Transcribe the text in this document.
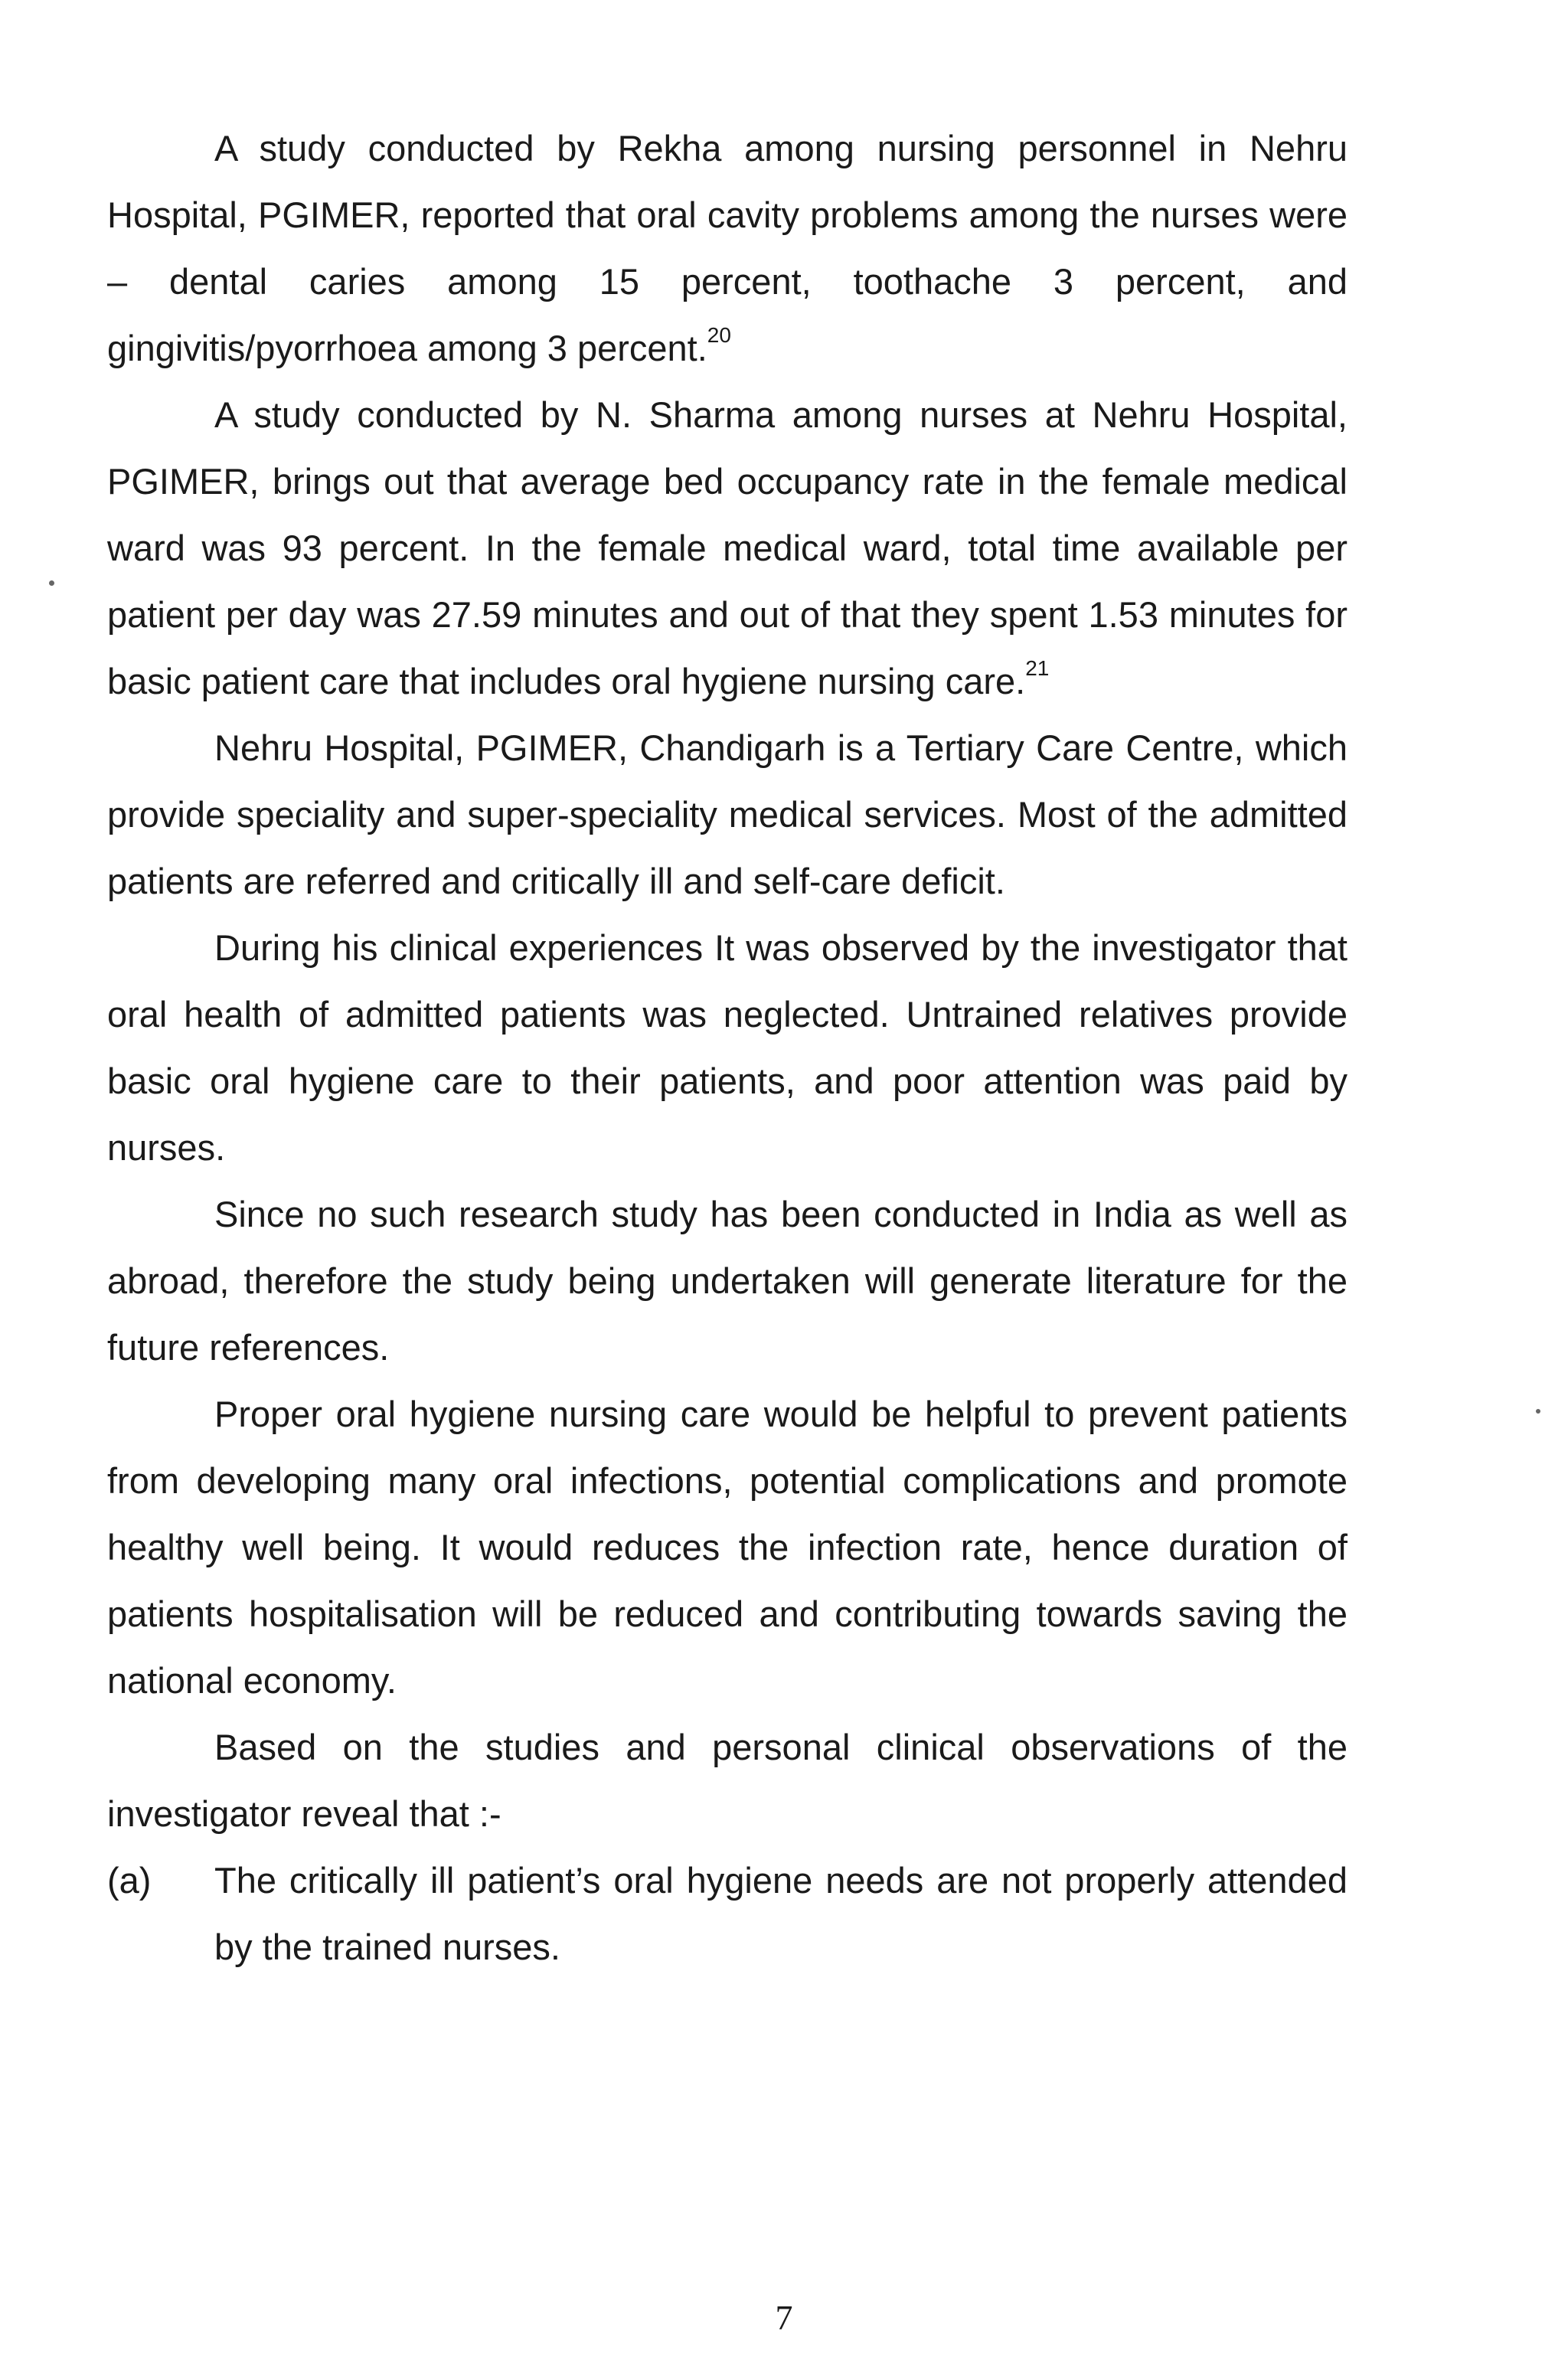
A study conducted by Rekha among nursing personnel in Nehru Hospital, PGIMER, reported that oral cavity problems among the nurses were – dental caries among 15 percent, toothache 3 percent, and gingivitis/pyorrhoea among 3 percent.$^{20}$

A study conducted by N. Sharma among nurses at Nehru Hospital, PGIMER, brings out that average bed occupancy rate in the female medical ward was 93 percent. In the female medical ward, total time available per patient per day was 27.59 minutes and out of that they spent 1.53 minutes for basic patient care that includes oral hygiene nursing care.$^{21}$

Nehru Hospital, PGIMER, Chandigarh is a Tertiary Care Centre, which provide speciality and super-speciality medical services. Most of the admitted patients are referred and critically ill and self-care deficit.

During his clinical experiences It was observed by the investigator that oral health of admitted patients was neglected. Untrained relatives provide basic oral hygiene care to their patients, and poor attention was paid by nurses.

Since no such research study has been conducted in India as well as abroad, therefore the study being undertaken will generate literature for the future references.

Proper oral hygiene nursing care would be helpful to prevent patients from developing many oral infections, potential complications and promote healthy well being. It would reduces the infection rate, hence duration of patients hospitalisation will be reduced and contributing towards saving the national economy.

Based on the studies and personal clinical observations of the investigator reveal that :-

(a) The critically ill patient’s oral hygiene needs are not properly attended by the trained nurses.

7
